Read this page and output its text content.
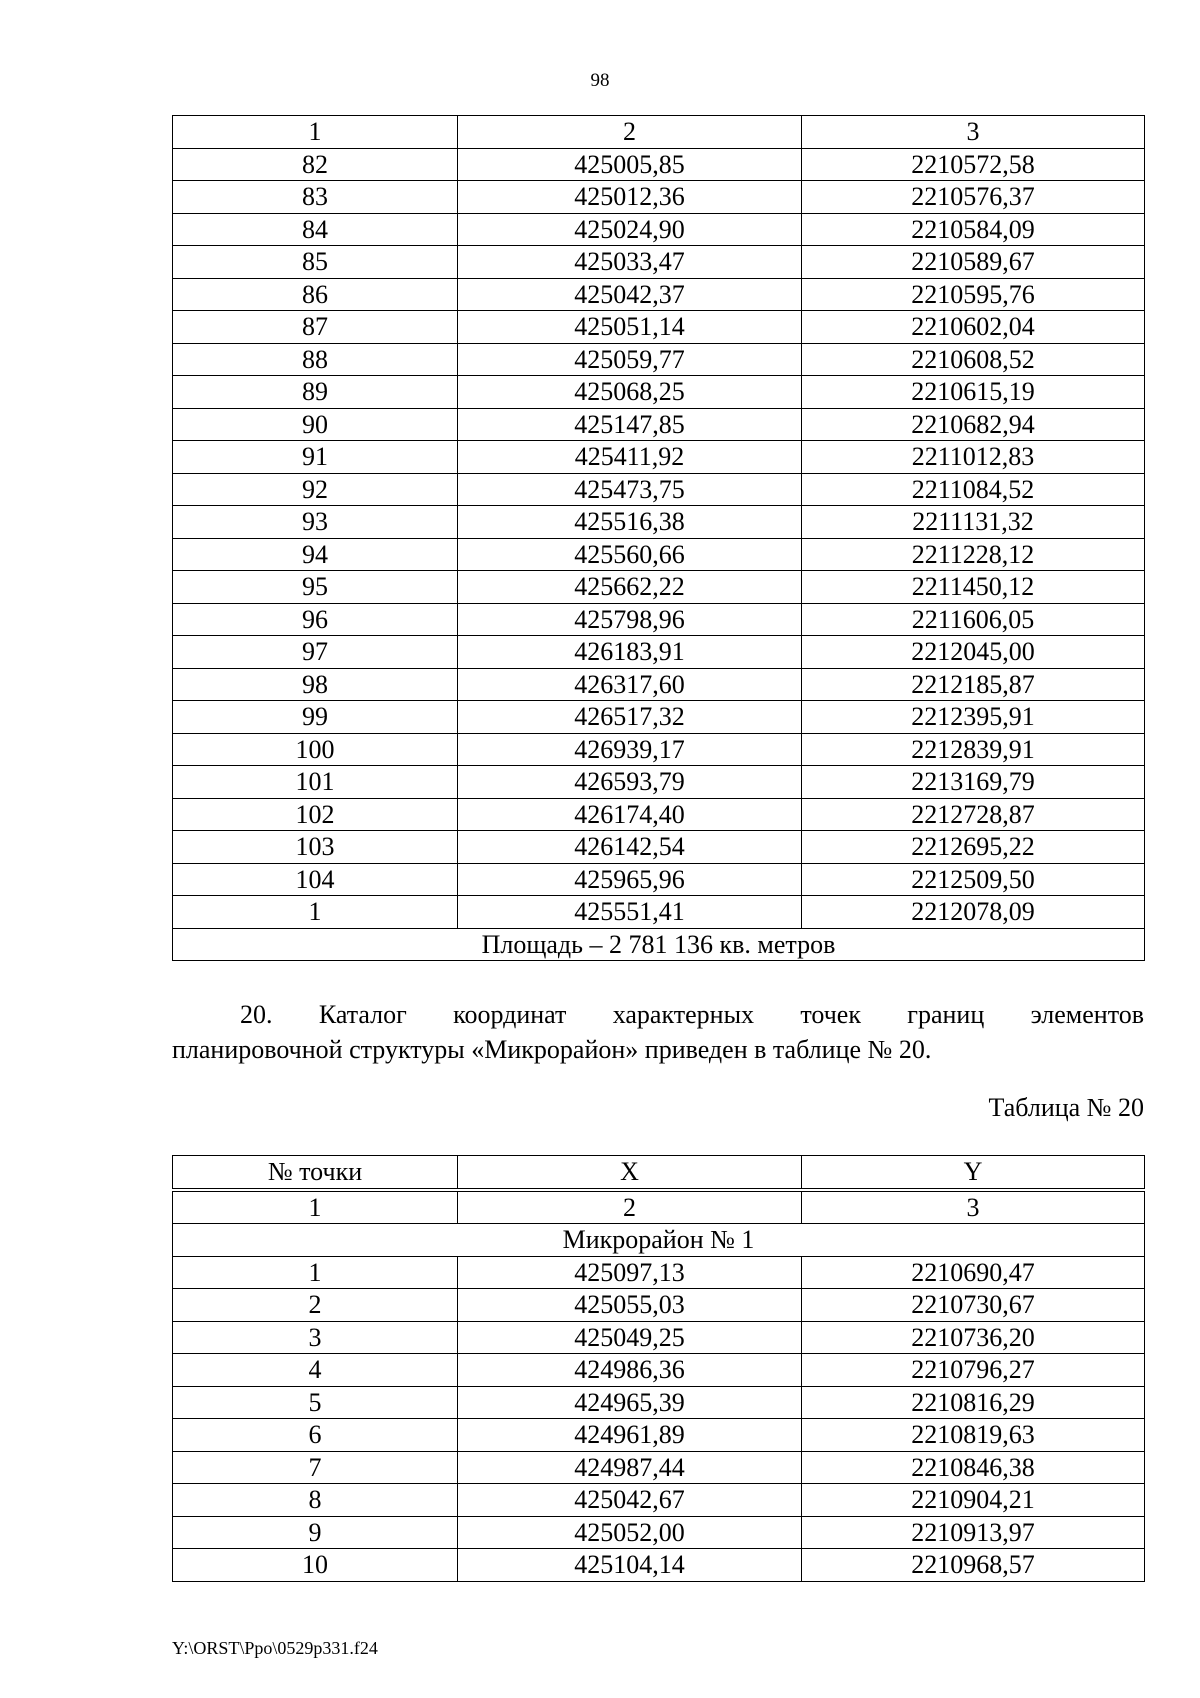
98
1	2	3
82	425005,85	2210572,58
83	425012,36	2210576,37
84	425024,90	2210584,09
85	425033,47	2210589,67
86	425042,37	2210595,76
87	425051,14	2210602,04
88	425059,77	2210608,52
89	425068,25	2210615,19
90	425147,85	2210682,94
91	425411,92	2211012,83
92	425473,75	2211084,52
93	425516,38	2211131,32
94	425560,66	2211228,12
95	425662,22	2211450,12
96	425798,96	2211606,05
97	426183,91	2212045,00
98	426317,60	2212185,87
99	426517,32	2212395,91
100	426939,17	2212839,91
101	426593,79	2213169,79
102	426174,40	2212728,87
103	426142,54	2212695,22
104	425965,96	2212509,50
1	425551,41	2212078,09
Площадь – 2 781 136 кв. метров		
20. Каталог координат характерных точек границ элементов
планировочной структуры «Микрорайон» приведен в таблице № 20.
Таблица № 20
№ точки	X	Y
1	2	3
Микрорайон № 1		
1	425097,13	2210690,47
2	425055,03	2210730,67
3	425049,25	2210736,20
4	424986,36	2210796,27
5	424965,39	2210816,29
6	424961,89	2210819,63
7	424987,44	2210846,38
8	425042,67	2210904,21
9	425052,00	2210913,97
10	425104,14	2210968,57
Y:\ORST\Ppo\0529p331.f24
